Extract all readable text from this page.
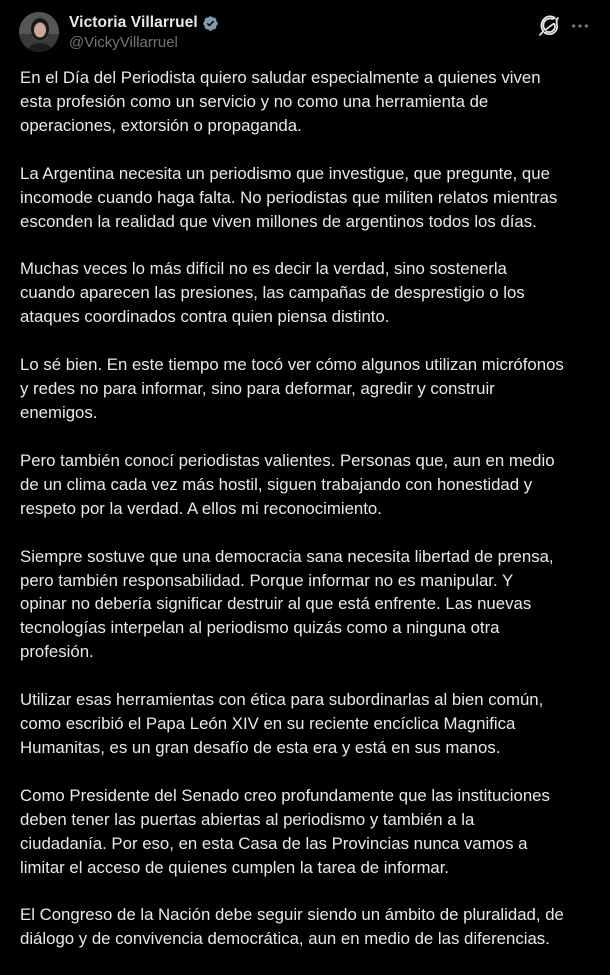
Victoria Villarruel
@VickyVillarruel

En el Día del Periodista quiero saludar especialmente a quienes viven
esta profesión como un servicio y no como una herramienta de
operaciones, extorsión o propaganda.

La Argentina necesita un periodismo que investigue, que pregunte, que
incomode cuando haga falta. No periodistas que militen relatos mientras
esconden la realidad que viven millones de argentinos todos los días.

Muchas veces lo más difícil no es decir la verdad, sino sostenerla
cuando aparecen las presiones, las campañas de desprestigio o los
ataques coordinados contra quien piensa distinto.

Lo sé bien. En este tiempo me tocó ver cómo algunos utilizan micrófonos
y redes no para informar, sino para deformar, agredir y construir
enemigos.

Pero también conocí periodistas valientes. Personas que, aun en medio
de un clima cada vez más hostil, siguen trabajando con honestidad y
respeto por la verdad. A ellos mi reconocimiento.

Siempre sostuve que una democracia sana necesita libertad de prensa,
pero también responsabilidad. Porque informar no es manipular. Y
opinar no debería significar destruir al que está enfrente. Las nuevas
tecnologías interpelan al periodismo quizás como a ninguna otra
profesión.

Utilizar esas herramientas con ética para subordinarlas al bien común,
como escribió el Papa León XIV en su reciente encíclica Magnifica
Humanitas, es un gran desafío de esta era y está en sus manos.

Como Presidente del Senado creo profundamente que las instituciones
deben tener las puertas abiertas al periodismo y también a la
ciudadanía. Por eso, en esta Casa de las Provincias nunca vamos a
limitar el acceso de quienes cumplen la tarea de informar.

El Congreso de la Nación debe seguir siendo un ámbito de pluralidad, de
diálogo y de convivencia democrática, aun en medio de las diferencias.
